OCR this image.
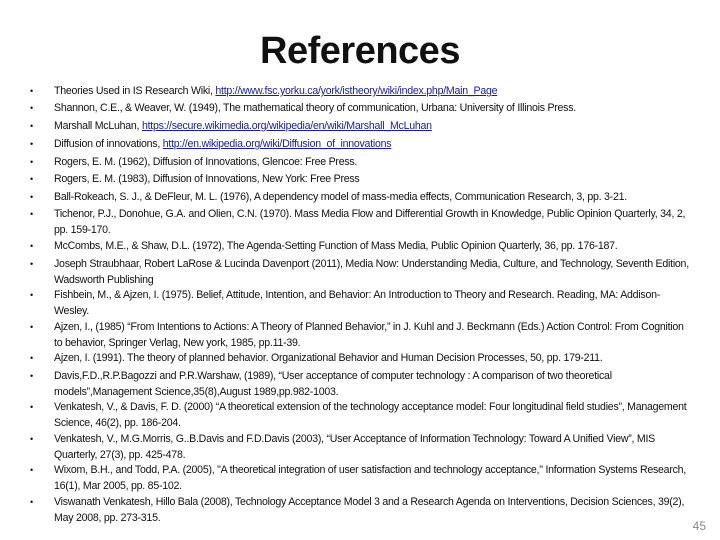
References
• Theories Used in IS Research Wiki, http://www.fsc.yorku.ca/york/istheory/wiki/index.php/Main_Page
• Shannon, C.E., & Weaver, W. (1949), The mathematical theory of communication, Urbana: University of Illinois Press.
• Marshall McLuhan, https://secure.wikimedia.org/wikipedia/en/wiki/Marshall_McLuhan
• Diffusion of innovations, http://en.wikipedia.org/wiki/Diffusion_of_innovations
• Rogers, E. M. (1962), Diffusion of Innovations, Glencoe: Free Press.
• Rogers, E. M. (1983), Diffusion of Innovations, New York: Free Press
• Ball-Rokeach, S. J., & DeFleur, M. L. (1976), A dependency model of mass-media effects, Communication Research, 3, pp. 3-21.
• Tichenor, P.J., Donohue, G.A. and Olien, C.N. (1970). Mass Media Flow and Differential Growth in Knowledge, Public Opinion Quarterly, 34, 2, pp. 159-170.
• McCombs, M.E., & Shaw, D.L. (1972), The Agenda-Setting Function of Mass Media, Public Opinion Quarterly, 36, pp. 176-187.
• Joseph Straubhaar, Robert LaRose & Lucinda Davenport (2011), Media Now: Understanding Media, Culture, and Technology, Seventh Edition, Wadsworth Publishing
• Fishbein, M., & Ajzen, I. (1975). Belief, Attitude, Intention, and Behavior: An Introduction to Theory and Research. Reading, MA: Addison-Wesley.
• Ajzen, I., (1985) “From Intentions to Actions: A Theory of Planned Behavior,” in J. Kuhl and J. Beckmann (Eds.) Action Control: From Cognition to behavior, Springer Verlag, New york, 1985, pp.11-39.
• Ajzen, I. (1991). The theory of planned behavior. Organizational Behavior and Human Decision Processes, 50, pp. 179-211.
• Davis,F.D.,R.P.Bagozzi and P.R.Warshaw, (1989), “User acceptance of computer technology : A comparison of two theoretical models”,Management Science,35(8),August 1989,pp.982-1003.
• Venkatesh, V., & Davis, F. D. (2000) “A theoretical extension of the technology acceptance model: Four longitudinal field studies”, Management Science, 46(2), pp. 186-204.
• Venkatesh, V., M.G.Morris, G..B.Davis and F.D.Davis (2003), “User Acceptance of Information Technology: Toward A Unified View”, MIS Quarterly, 27(3), pp. 425-478.
• Wixom, B.H., and Todd, P.A. (2005), "A theoretical integration of user satisfaction and technology acceptance," Information Systems Research, 16(1), Mar 2005, pp. 85-102.
• Viswanath Venkatesh, Hillo Bala (2008), Technology Acceptance Model 3 and a Research Agenda on Interventions, Decision Sciences, 39(2), May 2008, pp. 273-315.
45
